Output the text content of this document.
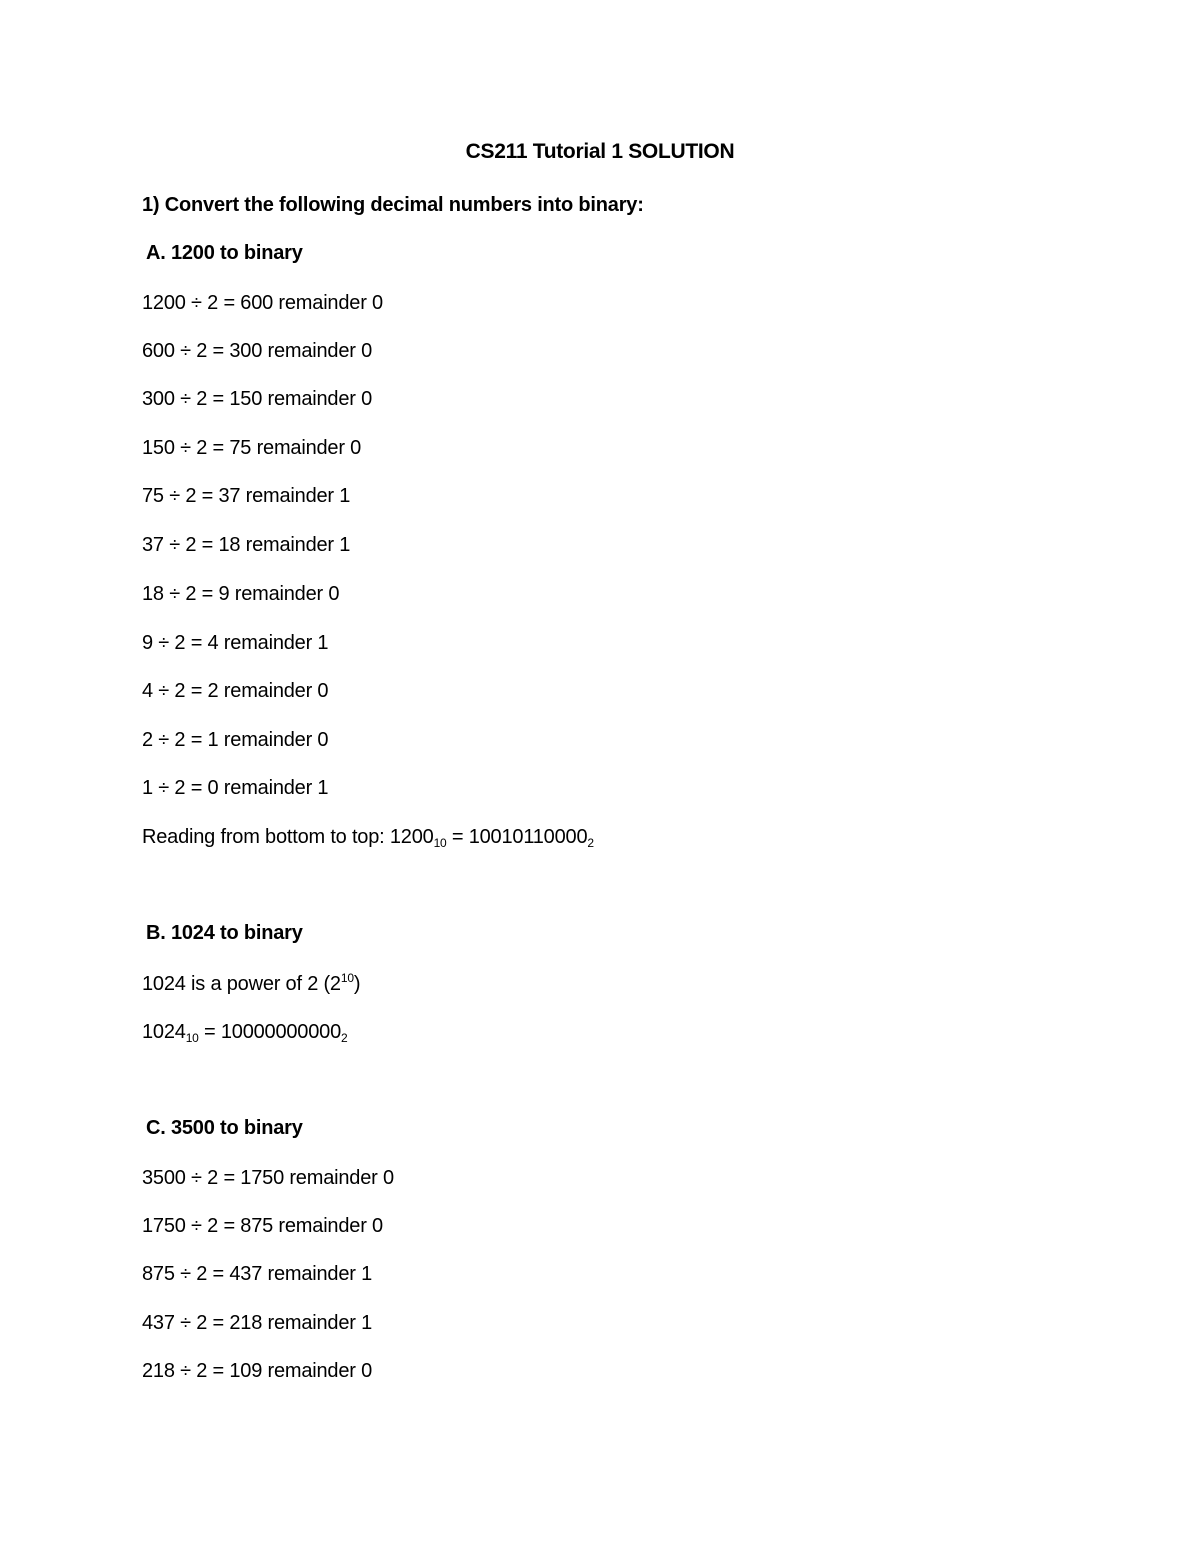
CS211 Tutorial 1 SOLUTION
1) Convert the following decimal numbers into binary:
A. 1200 to binary
1200 ÷ 2 = 600 remainder 0
600 ÷ 2 = 300 remainder 0
300 ÷ 2 = 150 remainder 0
150 ÷ 2 = 75 remainder 0
75 ÷ 2 = 37 remainder 1
37 ÷ 2 = 18 remainder 1
18 ÷ 2 = 9 remainder 0
9 ÷ 2 = 4 remainder 1
4 ÷ 2 = 2 remainder 0
2 ÷ 2 = 1 remainder 0
1 ÷ 2 = 0 remainder 1
Reading from bottom to top: $1200_{10} = 10010110000_2$
B. 1024 to binary
1024 is a power of 2 $(2^{10})$
$1024_{10} = 10000000000_2$
C. 3500 to binary
3500 ÷ 2 = 1750 remainder 0
1750 ÷ 2 = 875 remainder 0
875 ÷ 2 = 437 remainder 1
437 ÷ 2 = 218 remainder 1
218 ÷ 2 = 109 remainder 0
